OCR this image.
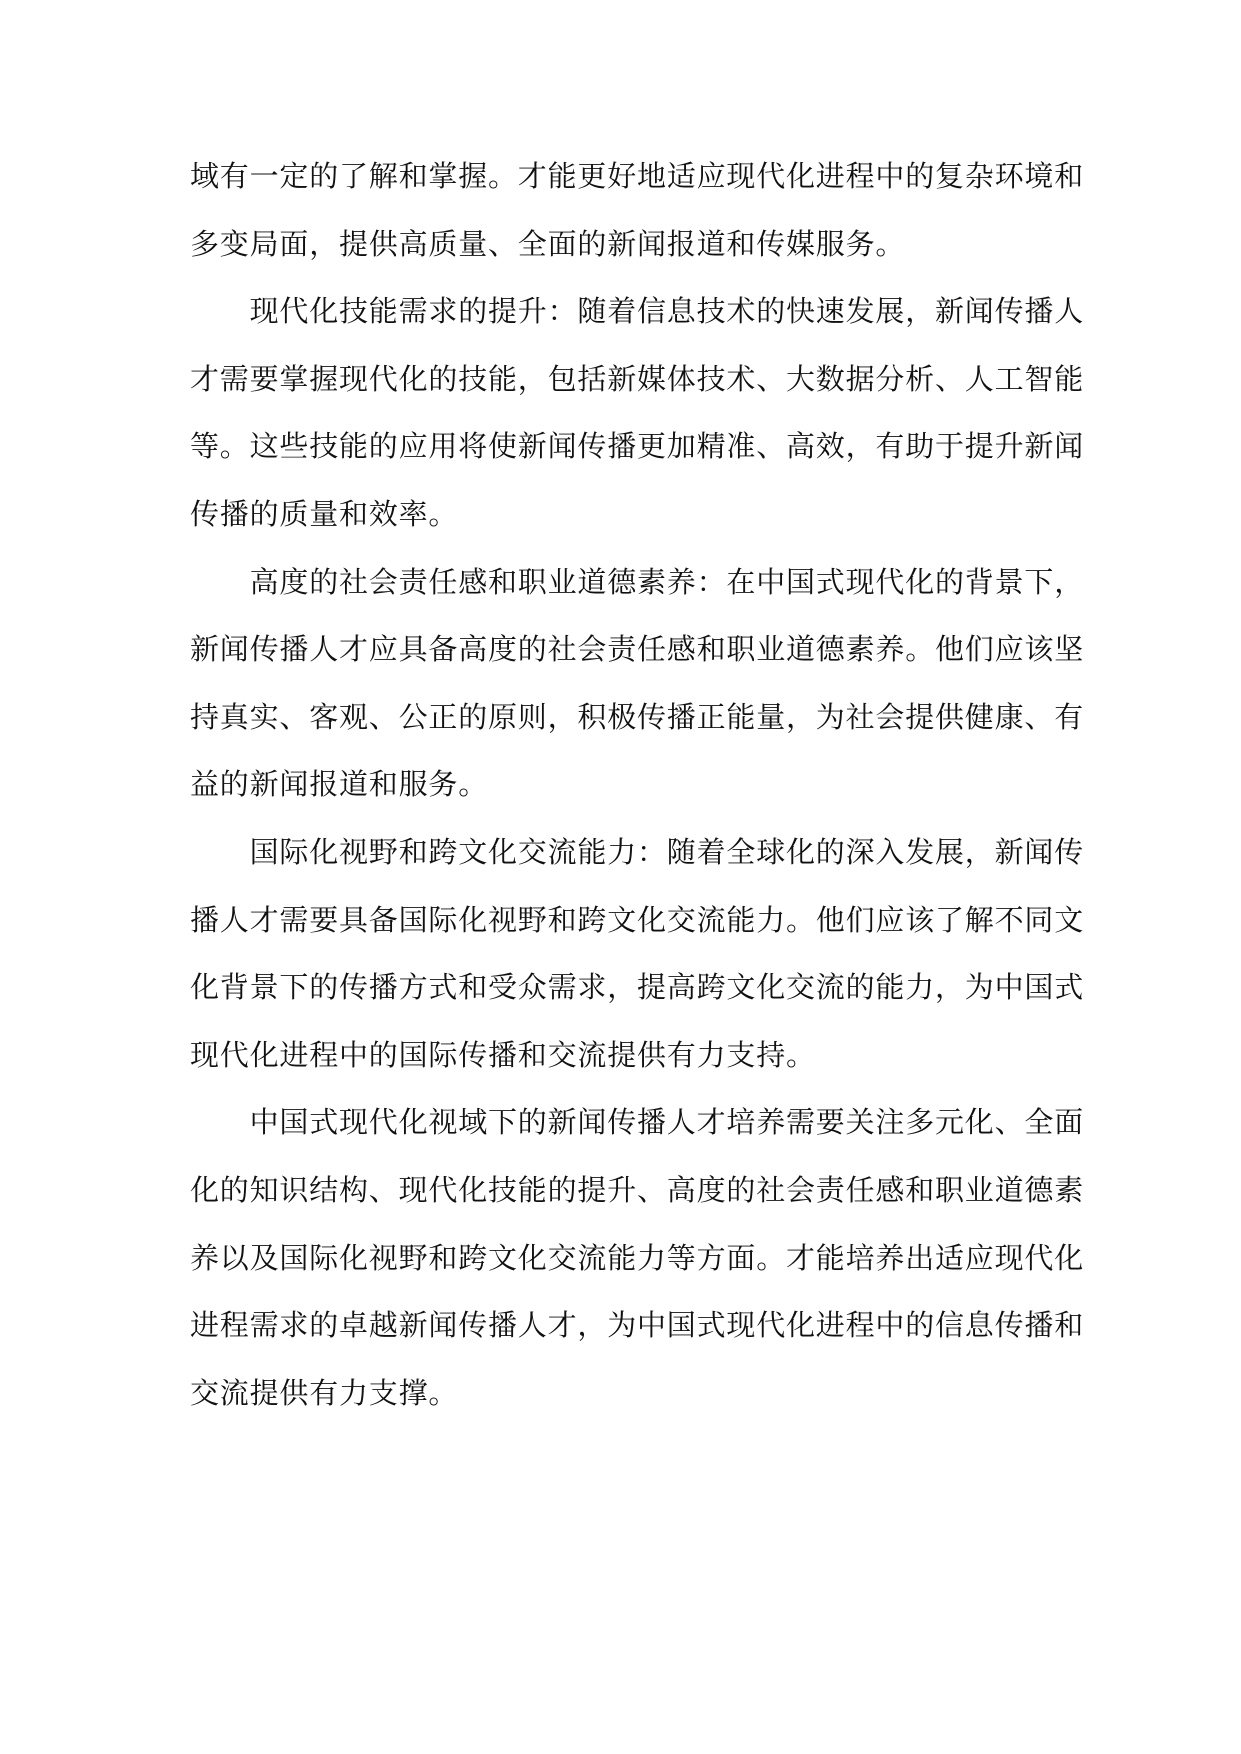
域有一定的了解和掌握。才能更好地适应现代化进程中的复杂环境和
多变局面，提供高质量、全面的新闻报道和传媒服务。
　　现代化技能需求的提升：随着信息技术的快速发展，新闻传播人
才需要掌握现代化的技能，包括新媒体技术、大数据分析、人工智能
等。这些技能的应用将使新闻传播更加精准、高效，有助于提升新闻
传播的质量和效率。
　　高度的社会责任感和职业道德素养：在中国式现代化的背景下，
新闻传播人才应具备高度的社会责任感和职业道德素养。他们应该坚
持真实、客观、公正的原则，积极传播正能量，为社会提供健康、有
益的新闻报道和服务。
　　国际化视野和跨文化交流能力：随着全球化的深入发展，新闻传
播人才需要具备国际化视野和跨文化交流能力。他们应该了解不同文
化背景下的传播方式和受众需求，提高跨文化交流的能力，为中国式
现代化进程中的国际传播和交流提供有力支持。
　　中国式现代化视域下的新闻传播人才培养需要关注多元化、全面
化的知识结构、现代化技能的提升、高度的社会责任感和职业道德素
养以及国际化视野和跨文化交流能力等方面。才能培养出适应现代化
进程需求的卓越新闻传播人才，为中国式现代化进程中的信息传播和
交流提供有力支撑。
